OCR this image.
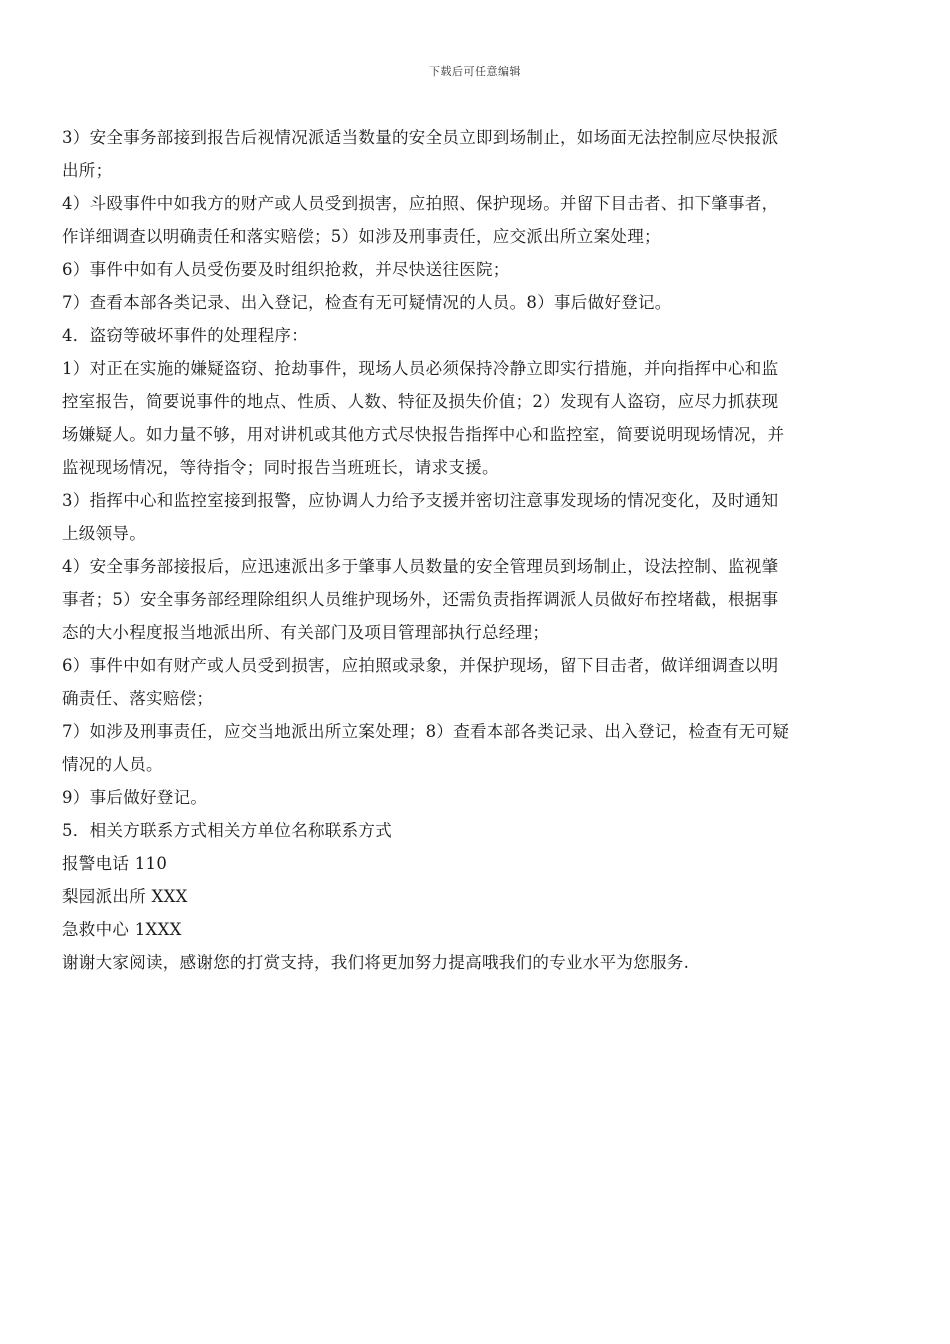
下载后可任意编辑
3）安全事务部接到报告后视情况派适当数量的安全员立即到场制止，如场面无法控制应尽快报派
出所；
4）斗殴事件中如我方的财产或人员受到损害，应拍照、保护现场。并留下目击者、扣下肇事者，
作详细调查以明确责任和落实赔偿；5）如涉及刑事责任，应交派出所立案处理；
6）事件中如有人员受伤要及时组织抢救，并尽快送往医院；
7）查看本部各类记录、出入登记，检查有无可疑情况的人员。8）事后做好登记。
4．盗窃等破坏事件的处理程序：
1）对正在实施的嫌疑盗窃、抢劫事件，现场人员必须保持冷静立即实行措施，并向指挥中心和监
控室报告，简要说事件的地点、性质、人数、特征及损失价值；2）发现有人盗窃，应尽力抓获现
场嫌疑人。如力量不够，用对讲机或其他方式尽快报告指挥中心和监控室，简要说明现场情况，并
监视现场情况，等待指令；同时报告当班班长，请求支援。
3）指挥中心和监控室接到报警，应协调人力给予支援并密切注意事发现场的情况变化，及时通知
上级领导。
4）安全事务部接报后，应迅速派出多于肇事人员数量的安全管理员到场制止，设法控制、监视肇
事者；5）安全事务部经理除组织人员维护现场外，还需负责指挥调派人员做好布控堵截，根据事
态的大小程度报当地派出所、有关部门及项目管理部执行总经理；
6）事件中如有财产或人员受到损害，应拍照或录象，并保护现场，留下目击者，做详细调查以明
确责任、落实赔偿；
7）如涉及刑事责任，应交当地派出所立案处理；8）查看本部各类记录、出入登记，检查有无可疑
情况的人员。
9）事后做好登记。
5．相关方联系方式相关方单位名称联系方式
报警电话 110
梨园派出所 XXX
急救中心 1XXX
谢谢大家阅读，感谢您的打赏支持，我们将更加努力提高哦我们的专业水平为您服务.
